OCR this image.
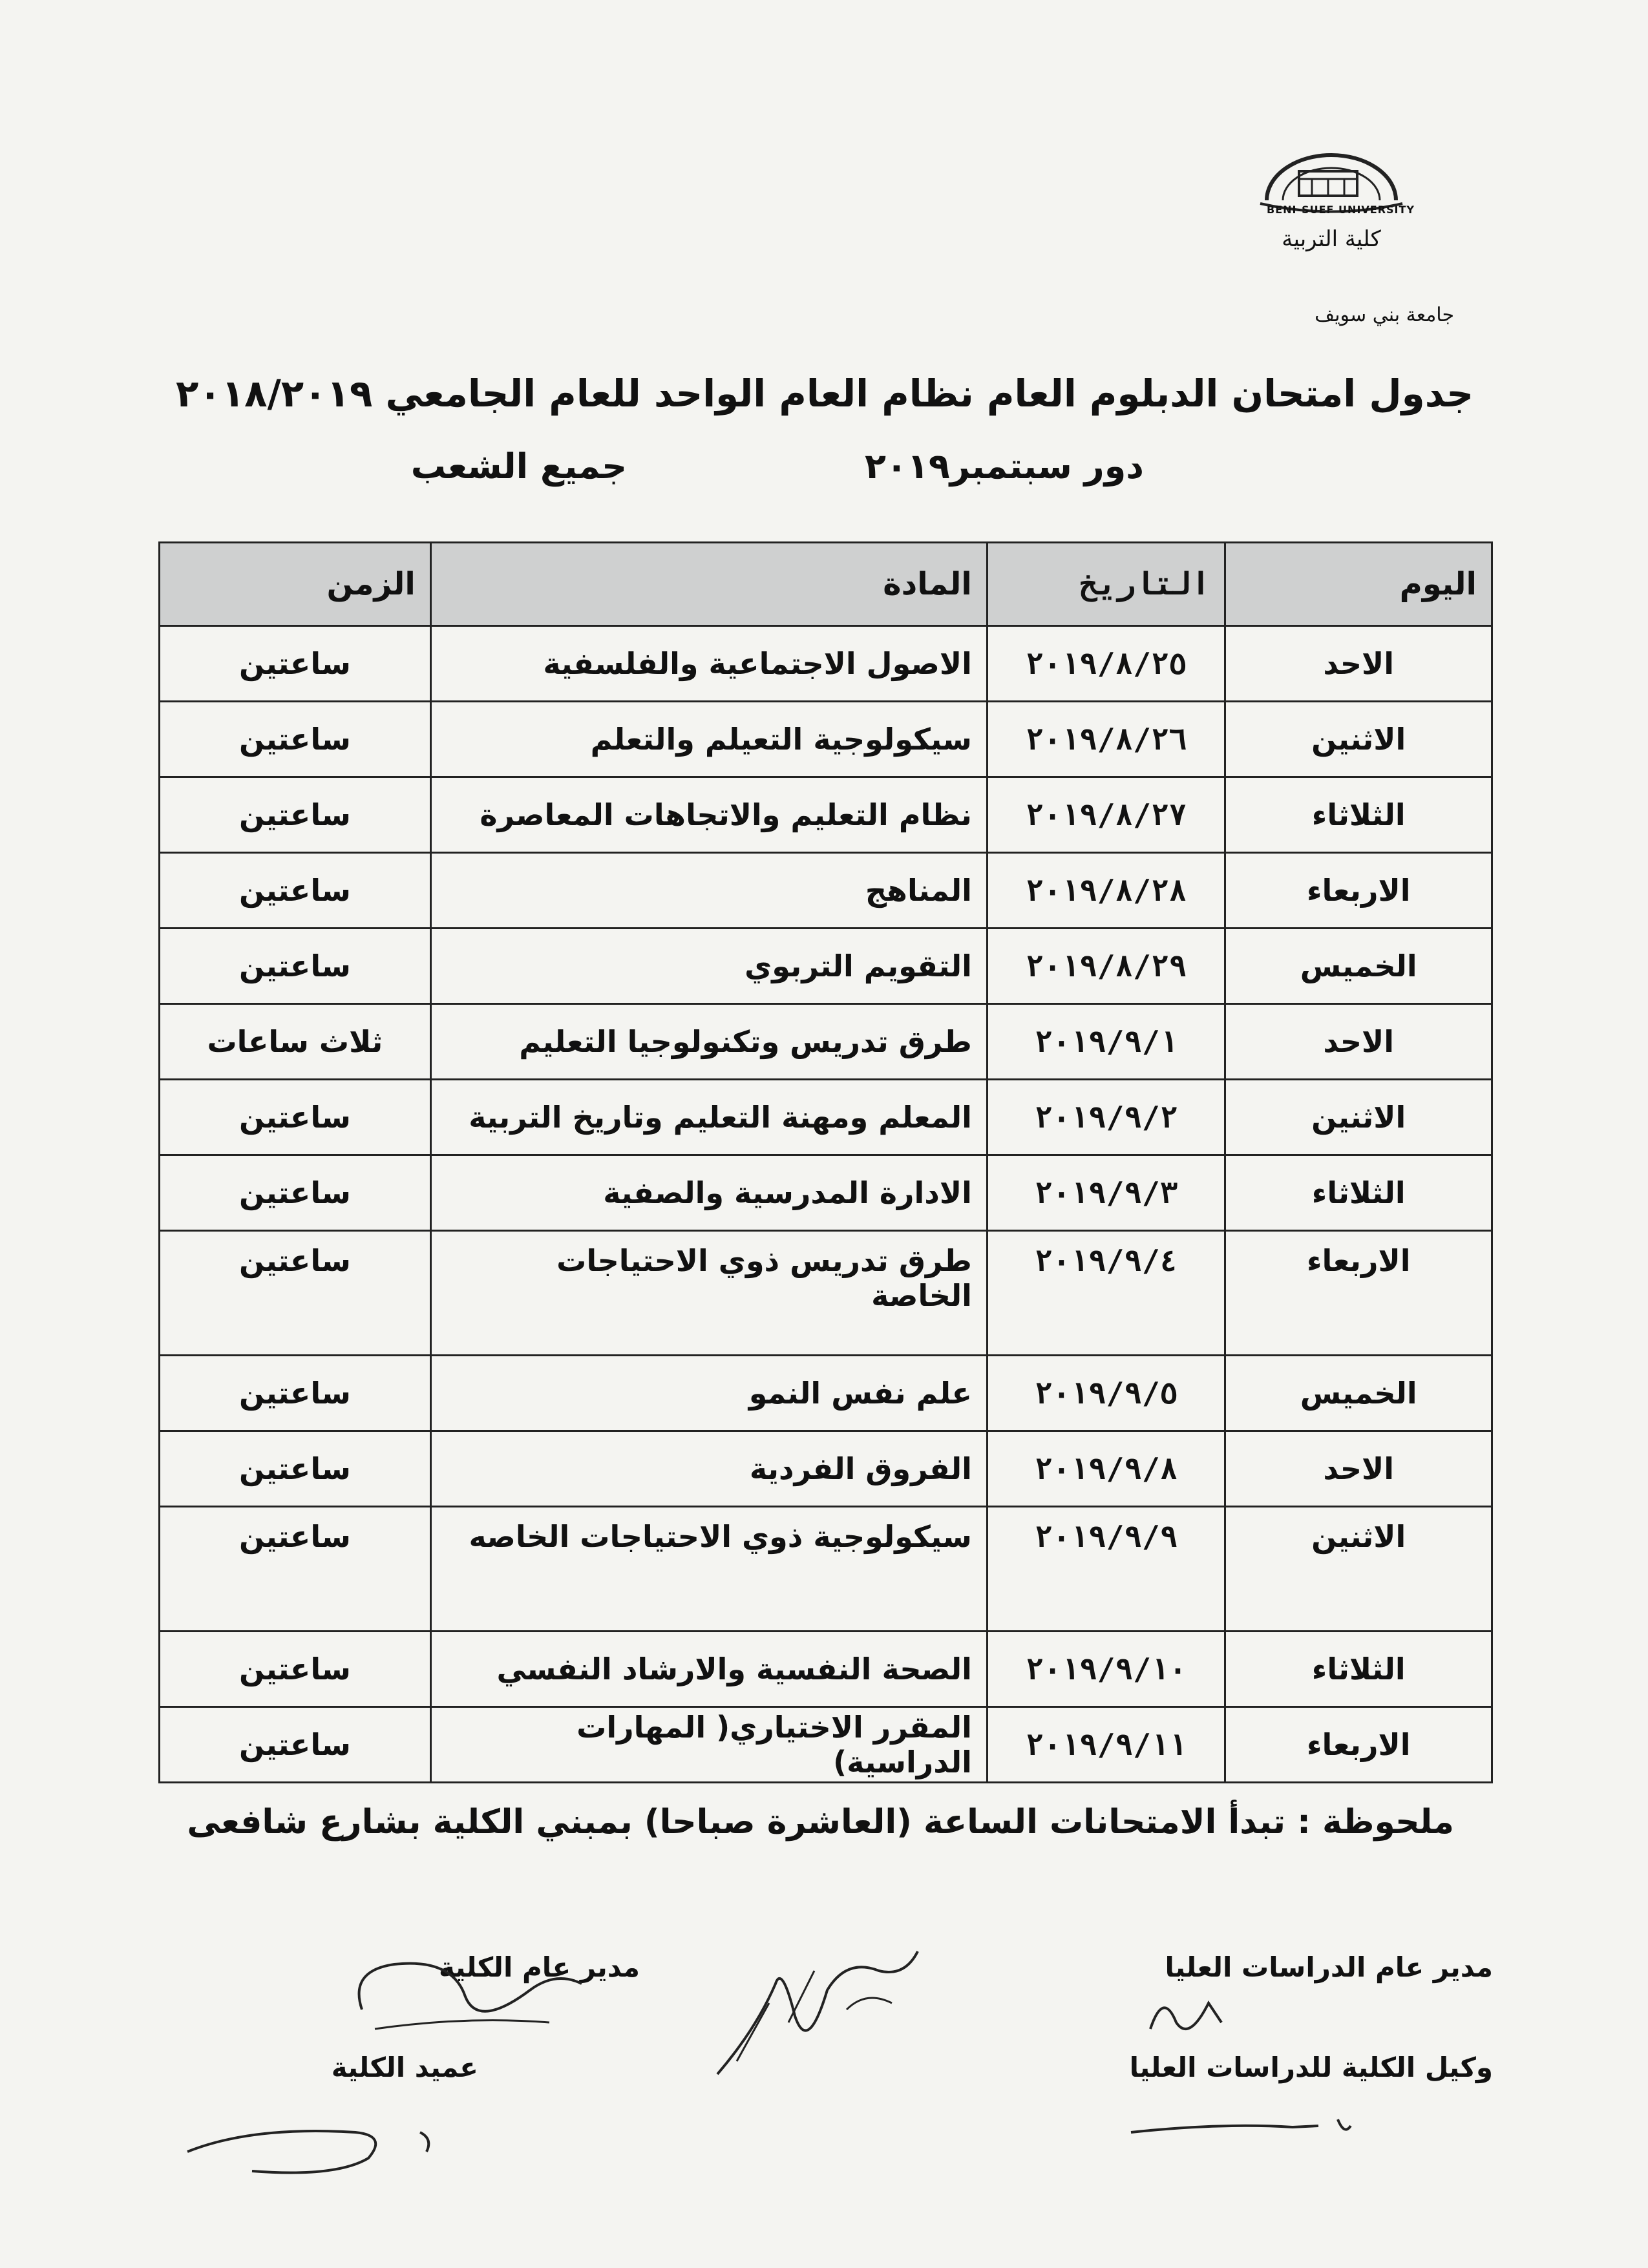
BENI-SUEF UNIVERSITY
كلية التربية
جامعة بني سويف
جدول امتحان الدبلوم العام نظام العام الواحد للعام الجامعي ٢٠١٨/٢٠١٩
دور سبتمبر٢٠١٩
جميع الشعب
اليوم	التاريخ	المادة	الزمن
الاحد	٢٠١٩/٨/٢٥	الاصول الاجتماعية والفلسفية	ساعتين
الاثنين	٢٠١٩/٨/٢٦	سيكولوجية التعيلم والتعلم	ساعتين
الثلاثاء	٢٠١٩/٨/٢٧	نظام التعليم والاتجاهات المعاصرة	ساعتين
الاربعاء	٢٠١٩/٨/٢٨	المناهج	ساعتين
الخميس	٢٠١٩/٨/٢٩	التقويم التربوي	ساعتين
الاحد	٢٠١٩/٩/١	طرق تدريس وتكنولوجيا التعليم	ثلاث ساعات
الاثنين	٢٠١٩/٩/٢	المعلم ومهنة التعليم وتاريخ التربية	ساعتين
الثلاثاء	٢٠١٩/٩/٣	الادارة المدرسية والصفية	ساعتين
الاربعاء	٢٠١٩/٩/٤	طرق تدريس ذوي الاحتياجات الخاصة	ساعتين
الخميس	٢٠١٩/٩/٥	علم نفس النمو	ساعتين
الاحد	٢٠١٩/٩/٨	الفروق الفردية	ساعتين
الاثنين	٢٠١٩/٩/٩	سيكولوجية ذوي الاحتياجات الخاصه	ساعتين
الثلاثاء	٢٠١٩/٩/١٠	الصحة النفسية والارشاد النفسي	ساعتين
الاربعاء	٢٠١٩/٩/١١	المقرر الاختياري( المهارات الدراسية)	ساعتين
ملحوظة : تبدأ الامتحانات الساعة (العاشرة صباحا) بمبني الكلية بشارع شافعى
مدير عام الدراسات العليا
وكيل الكلية للدراسات العليا
مدير عام الكلية
عميد الكلية
